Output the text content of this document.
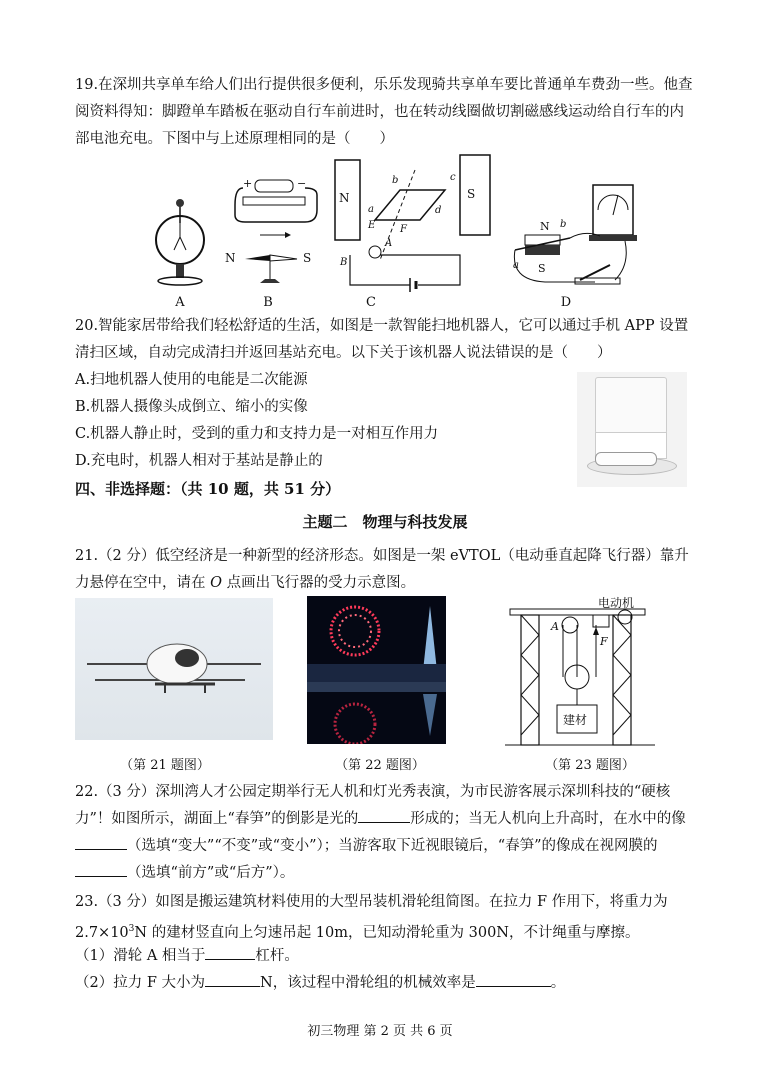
19.在深圳共享单车给人们出行提供很多便利，乐乐发现骑共享单车要比普通单车费劲一些。他查阅资料得知：脚蹬单车踏板在驱动自行车前进时，也在转动线圈做切割磁感线运动给自行车的内部电池充电。下图中与上述原理相同的是（　　）

+	−
N	S
N	S
b	c
d
a
E F
A
B
N
S
b
a
A	B	C	D

20.智能家居带给我们轻松舒适的生活，如图是一款智能扫地机器人，它可以通过手机 APP 设置清扫区域，自动完成清扫并返回基站充电。以下关于该机器人说法错误的是（　　）

A.扫地机器人使用的电能是二次能源

B.机器人摄像头成倒立、缩小的实像

C.机器人静止时，受到的重力和支持力是一对相互作用力

D.充电时，机器人相对于基站是静止的

四、非选择题：（共 10 题，共 51 分）

主题二　物理与科技发展

21.（2 分）低空经济是一种新型的经济形态。如图是一架 eVTOL（电动垂直起降飞行器）靠升力悬停在空中，请在 O 点画出飞行器的受力示意图。

电动机
A
F
建材
（第 21 题图）	（第 22 题图）	（第 23 题图）

22.（3 分）深圳湾人才公园定期举行无人机和灯光秀表演，为市民游客展示深圳科技的“硬核力”！如图所示，湖面上“春笋”的倒影是光的	形成的；当无人机向上升高时，在水中的像（选填“变大”“不变”或“变小”）；当游客取下近视眼镜后，“春笋”的像成在视网膜的（选填“前方”或“后方”）。

23.（3 分）如图是搬运建筑材料使用的大型吊装机滑轮组简图。在拉力 F 作用下，将重力为 $2.7\times 10^3N$ 的建材竖直向上匀速吊起 10m，已知动滑轮重为 300N，不计绳重与摩擦。

（1）滑轮 A 相当于	杠杆。

（2）拉力 F 大小为	N，该过程中滑轮组的机械效率是	。

初三物理 第 2 页 共 6 页
